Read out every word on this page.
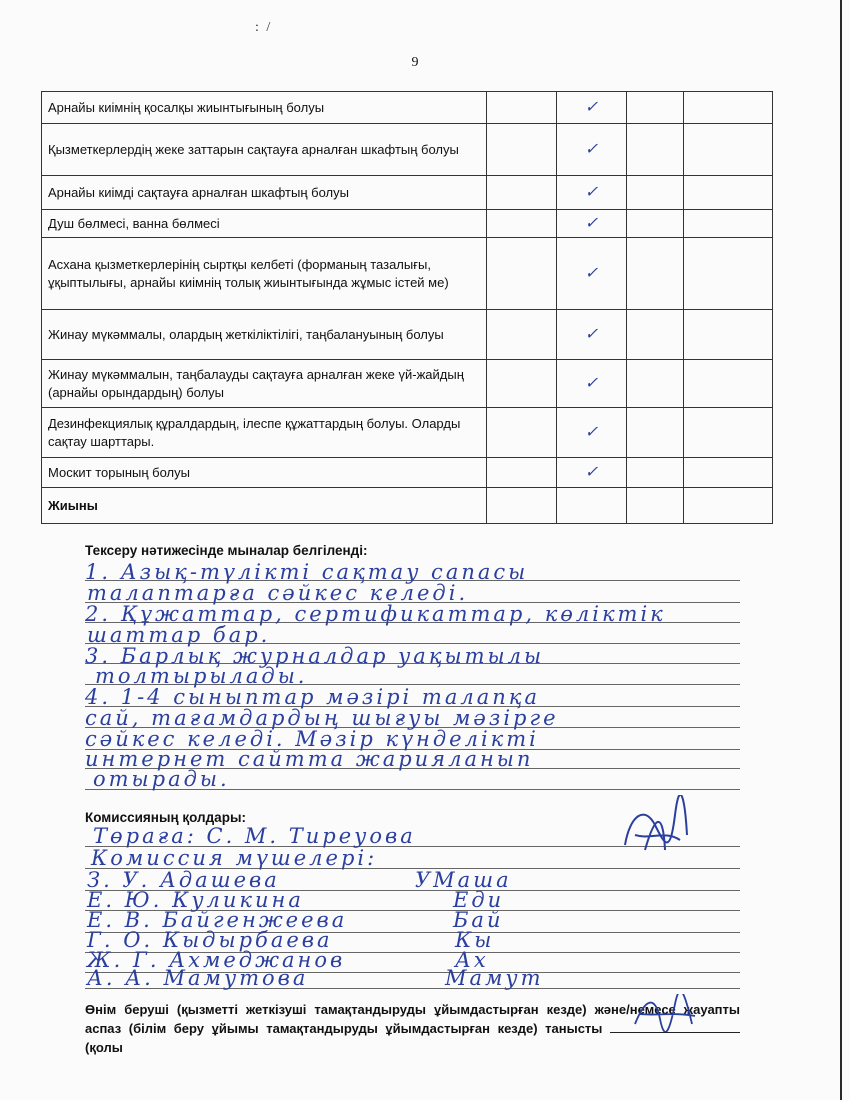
: /
9
Арнайы киімнің қосалқы жиынтығының болуы		✓		
Қызметкерлердің жеке заттарын сақтауға арналған шкафтың болуы		✓		
Арнайы киімді сақтауға арналған шкафтың болуы		✓		
Душ бөлмесі, ванна бөлмесі		✓		
Асхана қызметкерлерінің сыртқы келбеті (форманың тазалығы, ұқыптылығы, арнайы киімнің толық жиынтығында жұмыс істей ме)		✓		
Жинау мүкәммалы, олардың жеткіліктілігі, таңбалануының болуы		✓		
Жинау мүкәммалын, таңбалауды сақтауға арналған жеке үй-жайдың (арнайы орындардың) болуы		✓		
Дезинфекциялық құралдардың, ілеспе құжаттардың болуы. Оларды сақтау шарттары.		✓		
Москит торының болуы		✓		
Жиыны				
Тексеру нәтижесінде мыналар белгіленді:
1. Азық-түлікті сақтау сапасы
талаптарға сәйкес келеді.
2. Құжаттар, сертификаттар, көліктік
шаттар бар.
3. Барлық журналдар уақытылы
толтырылады.
4. 1-4 сыныптар мәзірі талапқа
сай, тағамдардың шығуы мәзірге
сәйкес келеді. Мәзір күнделікті
интернет сайтта жарияланып
отырады.
Комиссияның қолдары:
Төраға: С. М. Тиреуова
Комиссия мүшелері:
З. У. Адашева	УМаша
Е. Ю. Куликина	Еди
Е. В. Байгенжеева	Бай
Г. О. Кыдырбаева	Кы
Ж. Г. Ахмеджанов	Ах
А. А. Мамутова	Мамут
Өнім беруші (қызметті жеткізуші тамақтандыруды ұйымдастырған кезде) және/немесе жауапты аспаз (білім беру ұйымы тамақтандыруды ұйымдастырған кезде) танысты
(қолы
